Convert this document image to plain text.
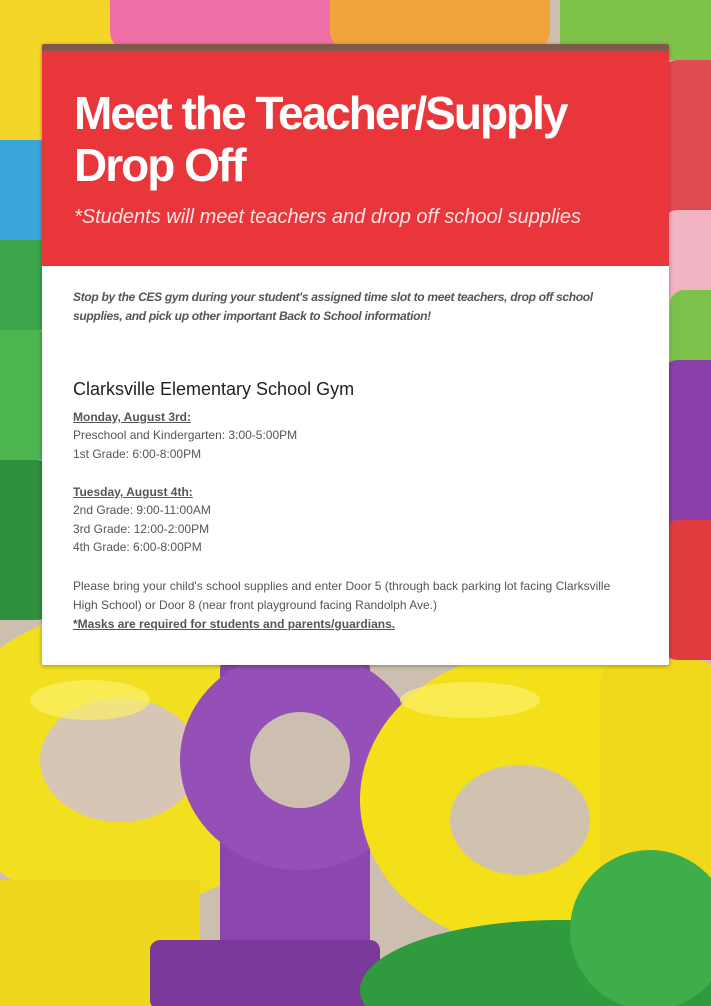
Meet the Teacher/Supply Drop Off

*Students will meet teachers and drop off school supplies

Stop by the CES gym during your student's assigned time slot to meet teachers, drop off school supplies, and pick up other important Back to School information!

Clarksville Elementary School Gym

Monday, August 3rd:

Preschool and Kindergarten: 3:00-5:00PM

1st Grade: 6:00-8:00PM

Tuesday, August 4th:

2nd Grade: 9:00-11:00AM

3rd Grade: 12:00-2:00PM

4th Grade: 6:00-8:00PM

Please bring your child's school supplies and enter Door 5 (through back parking lot facing Clarksville High School) or Door 8 (near front playground facing Randolph Ave.)

*Masks are required for students and parents/guardians.
